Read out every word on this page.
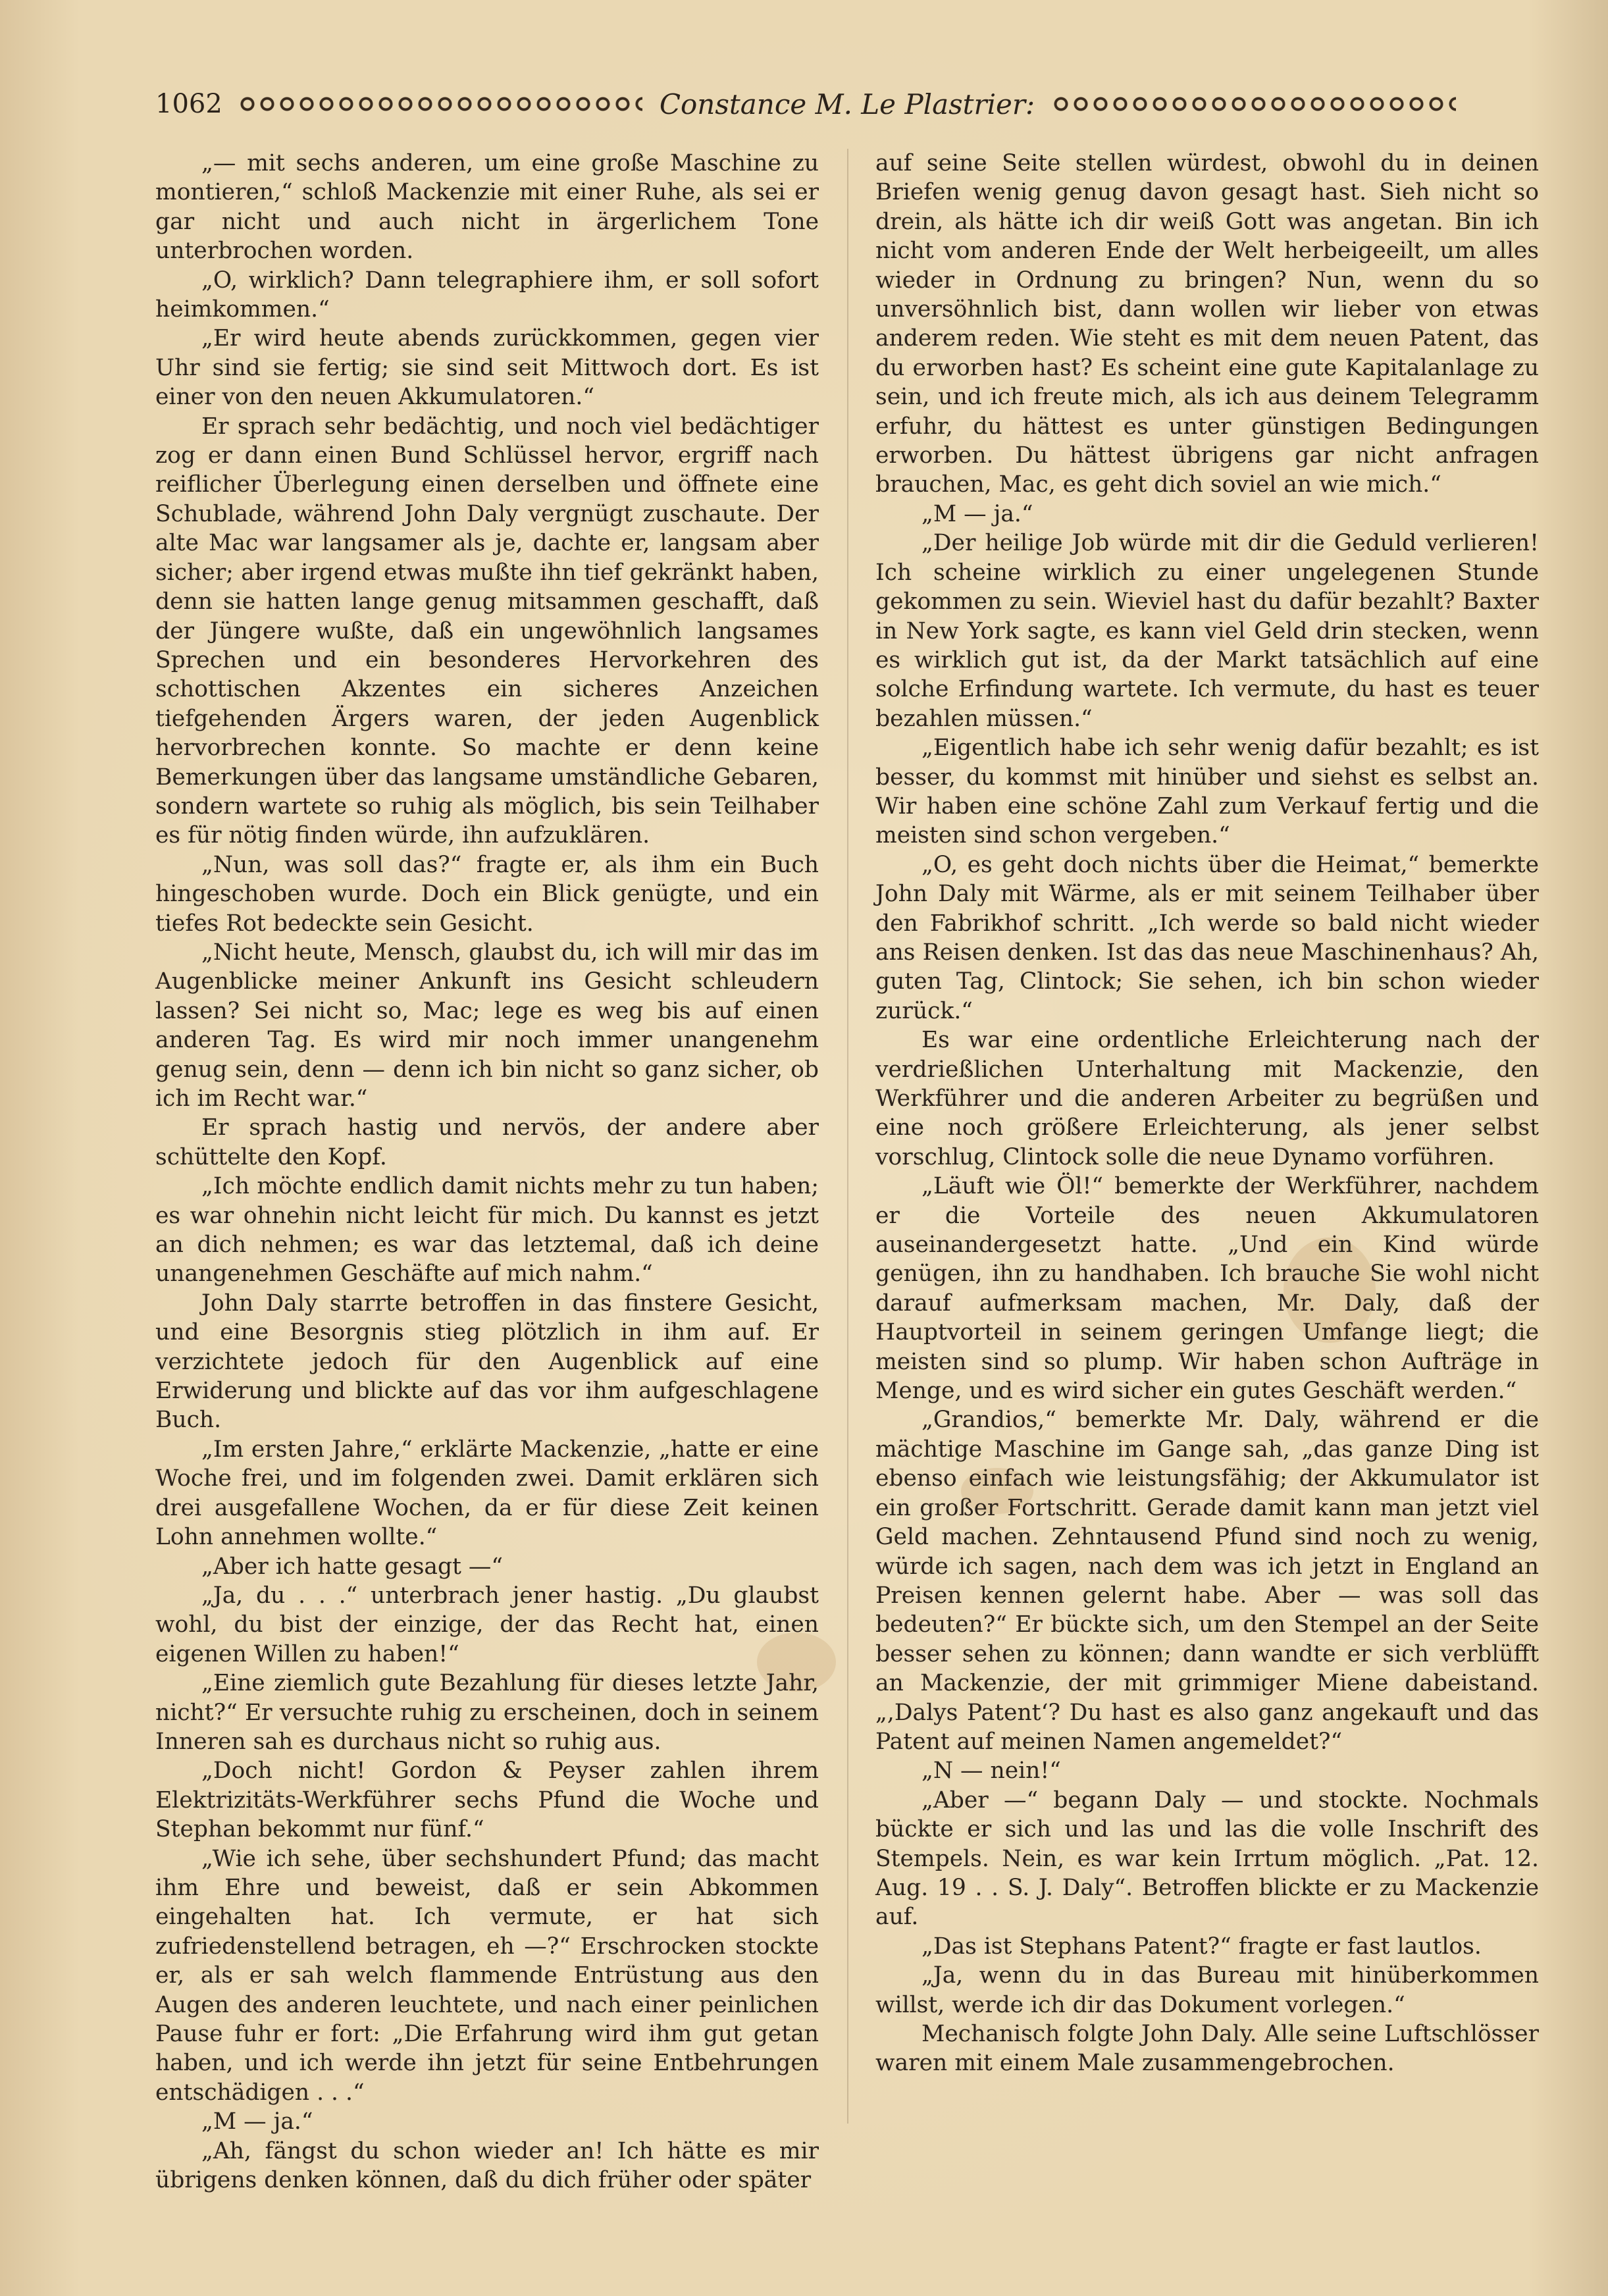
1062	Constance M. Le Plastrier:

„— mit sechs anderen, um eine große Maschine zu montieren,“ schloß Mackenzie mit einer Ruhe, als sei er gar nicht und auch nicht in ärgerlichem Tone unterbrochen worden.

„O, wirklich? Dann telegraphiere ihm, er soll sofort heimkommen.“

„Er wird heute abends zurückkommen, gegen vier Uhr sind sie fertig; sie sind seit Mittwoch dort. Es ist einer von den neuen Akkumulatoren.“

Er sprach sehr bedächtig, und noch viel bedächtiger zog er dann einen Bund Schlüssel hervor, ergriff nach reiflicher Überlegung einen derselben und öffnete eine Schublade, während John Daly vergnügt zuschaute. Der alte Mac war langsamer als je, dachte er, langsam aber sicher; aber irgend etwas mußte ihn tief gekränkt haben, denn sie hatten lange genug mitsammen geschafft, daß der Jüngere wußte, daß ein ungewöhnlich langsames Sprechen und ein besonderes Hervorkehren des schottischen Akzentes ein sicheres Anzeichen tiefgehenden Ärgers waren, der jeden Augenblick hervorbrechen konnte. So machte er denn keine Bemerkungen über das langsame umständliche Gebaren, sondern wartete so ruhig als möglich, bis sein Teilhaber es für nötig finden würde, ihn aufzuklären.

„Nun, was soll das?“ fragte er, als ihm ein Buch hingeschoben wurde. Doch ein Blick genügte, und ein tiefes Rot bedeckte sein Gesicht.

„Nicht heute, Mensch, glaubst du, ich will mir das im Augenblicke meiner Ankunft ins Gesicht schleudern lassen? Sei nicht so, Mac; lege es weg bis auf einen anderen Tag. Es wird mir noch immer unangenehm genug sein, denn — denn ich bin nicht so ganz sicher, ob ich im Recht war.“

Er sprach hastig und nervös, der andere aber schüttelte den Kopf.

„Ich möchte endlich damit nichts mehr zu tun haben; es war ohnehin nicht leicht für mich. Du kannst es jetzt an dich nehmen; es war das letztemal, daß ich deine unangenehmen Geschäfte auf mich nahm.“

John Daly starrte betroffen in das finstere Gesicht, und eine Besorgnis stieg plötzlich in ihm auf. Er verzichtete jedoch für den Augenblick auf eine Erwiderung und blickte auf das vor ihm aufgeschlagene Buch.

„Im ersten Jahre,“ erklärte Mackenzie, „hatte er eine Woche frei, und im folgenden zwei. Damit erklären sich drei ausgefallene Wochen, da er für diese Zeit keinen Lohn annehmen wollte.“

„Aber ich hatte gesagt —“

„Ja, du . . .“ unterbrach jener hastig. „Du glaubst wohl, du bist der einzige, der das Recht hat, einen eigenen Willen zu haben!“

„Eine ziemlich gute Bezahlung für dieses letzte Jahr, nicht?“ Er versuchte ruhig zu erscheinen, doch in seinem Inneren sah es durchaus nicht so ruhig aus.

„Doch nicht! Gordon & Peyser zahlen ihrem Elektrizitäts-Werkführer sechs Pfund die Woche und Stephan bekommt nur fünf.“

„Wie ich sehe, über sechshundert Pfund; das macht ihm Ehre und beweist, daß er sein Abkommen eingehalten hat. Ich vermute, er hat sich zufriedenstellend betragen, eh —?“ Erschrocken stockte er, als er sah welch flammende Entrüstung aus den Augen des anderen leuchtete, und nach einer peinlichen Pause fuhr er fort: „Die Erfahrung wird ihm gut getan haben, und ich werde ihn jetzt für seine Entbehrungen entschädigen . . .“

„M — ja.“

„Ah, fängst du schon wieder an! Ich hätte es mir übrigens denken können, daß du dich früher oder später

auf seine Seite stellen würdest, obwohl du in deinen Briefen wenig genug davon gesagt hast. Sieh nicht so drein, als hätte ich dir weiß Gott was angetan. Bin ich nicht vom anderen Ende der Welt herbeigeeilt, um alles wieder in Ordnung zu bringen? Nun, wenn du so unversöhnlich bist, dann wollen wir lieber von etwas anderem reden. Wie steht es mit dem neuen Patent, das du erworben hast? Es scheint eine gute Kapitalanlage zu sein, und ich freute mich, als ich aus deinem Telegramm erfuhr, du hättest es unter günstigen Bedingungen erworben. Du hättest übrigens gar nicht anfragen brauchen, Mac, es geht dich soviel an wie mich.“

„M — ja.“

„Der heilige Job würde mit dir die Geduld verlieren! Ich scheine wirklich zu einer ungelegenen Stunde gekommen zu sein. Wieviel hast du dafür bezahlt? Baxter in New York sagte, es kann viel Geld drin stecken, wenn es wirklich gut ist, da der Markt tatsächlich auf eine solche Erfindung wartete. Ich vermute, du hast es teuer bezahlen müssen.“

„Eigentlich habe ich sehr wenig dafür bezahlt; es ist besser, du kommst mit hinüber und siehst es selbst an. Wir haben eine schöne Zahl zum Verkauf fertig und die meisten sind schon vergeben.“

„O, es geht doch nichts über die Heimat,“ bemerkte John Daly mit Wärme, als er mit seinem Teilhaber über den Fabrikhof schritt. „Ich werde so bald nicht wieder ans Reisen denken. Ist das das neue Maschinenhaus? Ah, guten Tag, Clintock; Sie sehen, ich bin schon wieder zurück.“

Es war eine ordentliche Erleichterung nach der verdrießlichen Unterhaltung mit Mackenzie, den Werkführer und die anderen Arbeiter zu begrüßen und eine noch größere Erleichterung, als jener selbst vorschlug, Clintock solle die neue Dynamo vorführen.

„Läuft wie Öl!“ bemerkte der Werkführer, nachdem er die Vorteile des neuen Akkumulatoren auseinandergesetzt hatte. „Und ein Kind würde genügen, ihn zu handhaben. Ich brauche Sie wohl nicht darauf aufmerksam machen, Mr. Daly, daß der Hauptvorteil in seinem geringen Umfange liegt; die meisten sind so plump. Wir haben schon Aufträge in Menge, und es wird sicher ein gutes Geschäft werden.“

„Grandios,“ bemerkte Mr. Daly, während er die mächtige Maschine im Gange sah, „das ganze Ding ist ebenso einfach wie leistungsfähig; der Akkumulator ist ein großer Fortschritt. Gerade damit kann man jetzt viel Geld machen. Zehntausend Pfund sind noch zu wenig, würde ich sagen, nach dem was ich jetzt in England an Preisen kennen gelernt habe. Aber — was soll das bedeuten?“ Er bückte sich, um den Stempel an der Seite besser sehen zu können; dann wandte er sich verblüfft an Mackenzie, der mit grimmiger Miene dabeistand. „,Dalys Patent‘? Du hast es also ganz angekauft und das Patent auf meinen Namen angemeldet?“

„N — nein!“

„Aber —“ begann Daly — und stockte. Nochmals bückte er sich und las und las die volle Inschrift des Stempels. Nein, es war kein Irrtum möglich. „Pat. 12. Aug. 19 . . S. J. Daly“. Betroffen blickte er zu Mackenzie auf.

„Das ist Stephans Patent?“ fragte er fast lautlos.

„Ja, wenn du in das Bureau mit hinüberkommen willst, werde ich dir das Dokument vorlegen.“

Mechanisch folgte John Daly. Alle seine Luftschlösser waren mit einem Male zusammengebrochen.
